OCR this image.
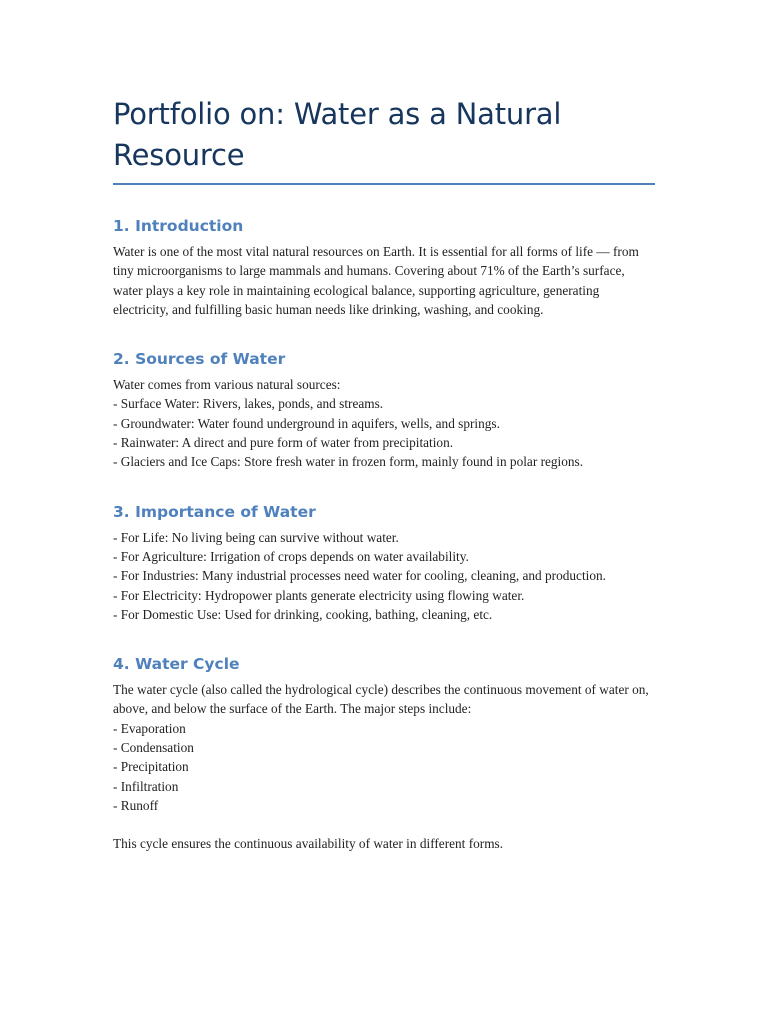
Portfolio on: Water as a Natural Resource
1. Introduction

Water is one of the most vital natural resources on Earth. It is essential for all forms of life — from tiny microorganisms to large mammals and humans. Covering about 71% of the Earth’s surface, water plays a key role in maintaining ecological balance, supporting agriculture, generating electricity, and fulfilling basic human needs like drinking, washing, and cooking.

2. Sources of Water

Water comes from various natural sources:

- Surface Water: Rivers, lakes, ponds, and streams.

- Groundwater: Water found underground in aquifers, wells, and springs.

- Rainwater: A direct and pure form of water from precipitation.

- Glaciers and Ice Caps: Store fresh water in frozen form, mainly found in polar regions.

3. Importance of Water

- For Life: No living being can survive without water.

- For Agriculture: Irrigation of crops depends on water availability.

- For Industries: Many industrial processes need water for cooling, cleaning, and production.

- For Electricity: Hydropower plants generate electricity using flowing water.

- For Domestic Use: Used for drinking, cooking, bathing, cleaning, etc.

4. Water Cycle

The water cycle (also called the hydrological cycle) describes the continuous movement of water on, above, and below the surface of the Earth. The major steps include:

- Evaporation

- Condensation

- Precipitation

- Infiltration

- Runoff

This cycle ensures the continuous availability of water in different forms.
